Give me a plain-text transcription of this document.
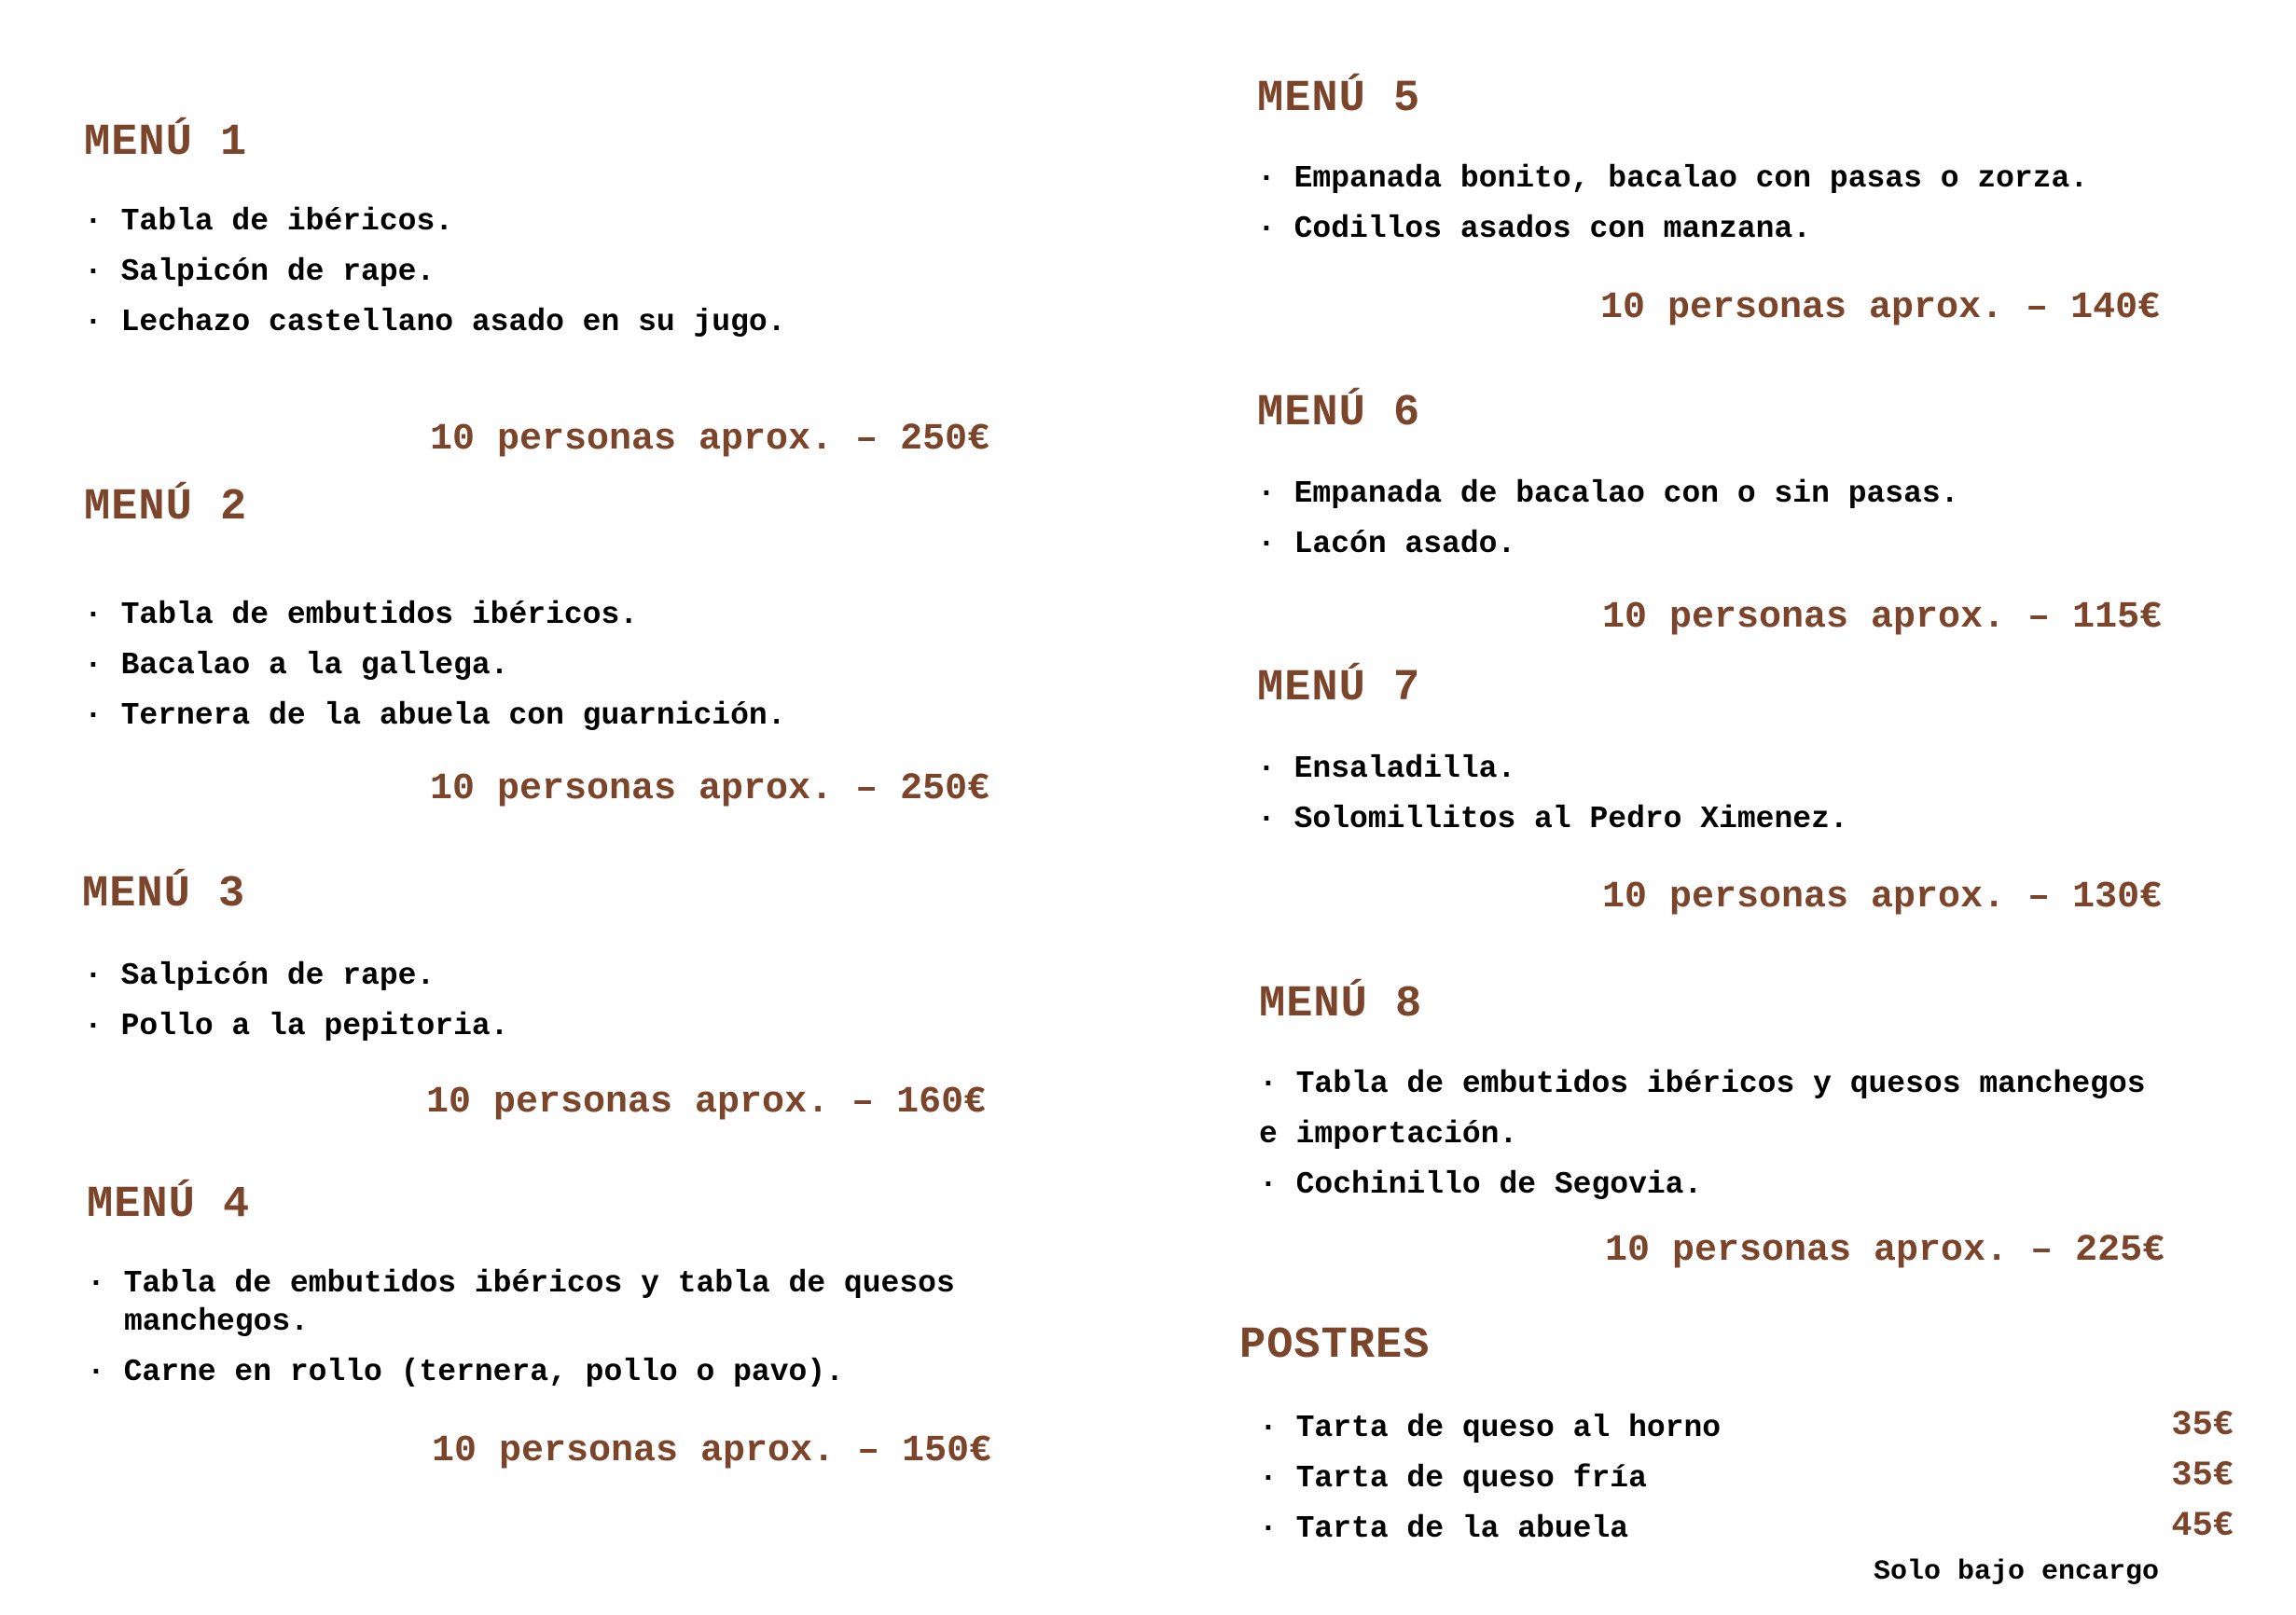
MENÚ 1
· Tabla de ibéricos.
· Salpicón de rape.
· Lechazo castellano asado en su jugo.
10 personas aprox. – 250€
MENÚ 2
· Tabla de embutidos ibéricos.
· Bacalao a la gallega.
· Ternera de la abuela con guarnición.
10 personas aprox. – 250€
MENÚ 3
· Salpicón de rape.
· Pollo a la pepitoria.
10 personas aprox. – 160€
MENÚ 4
· Tabla de embutidos ibéricos y tabla de quesos
manchegos.
· Carne en rollo (ternera, pollo o pavo).
10 personas aprox. – 150€
MENÚ 5
· Empanada bonito, bacalao con pasas o zorza.
· Codillos asados con manzana.
10 personas aprox. – 140€
MENÚ 6
· Empanada de bacalao con o sin pasas.
· Lacón asado.
10 personas aprox. – 115€
MENÚ 7
· Ensaladilla.
· Solomillitos al Pedro Ximenez.
10 personas aprox. – 130€
MENÚ 8
· Tabla de embutidos ibéricos y quesos manchegos
e importación.
· Cochinillo de Segovia.
10 personas aprox. – 225€
POSTRES
· Tarta de queso al horno	35€
· Tarta de queso fría	35€
· Tarta de la abuela	45€
Solo bajo encargo
